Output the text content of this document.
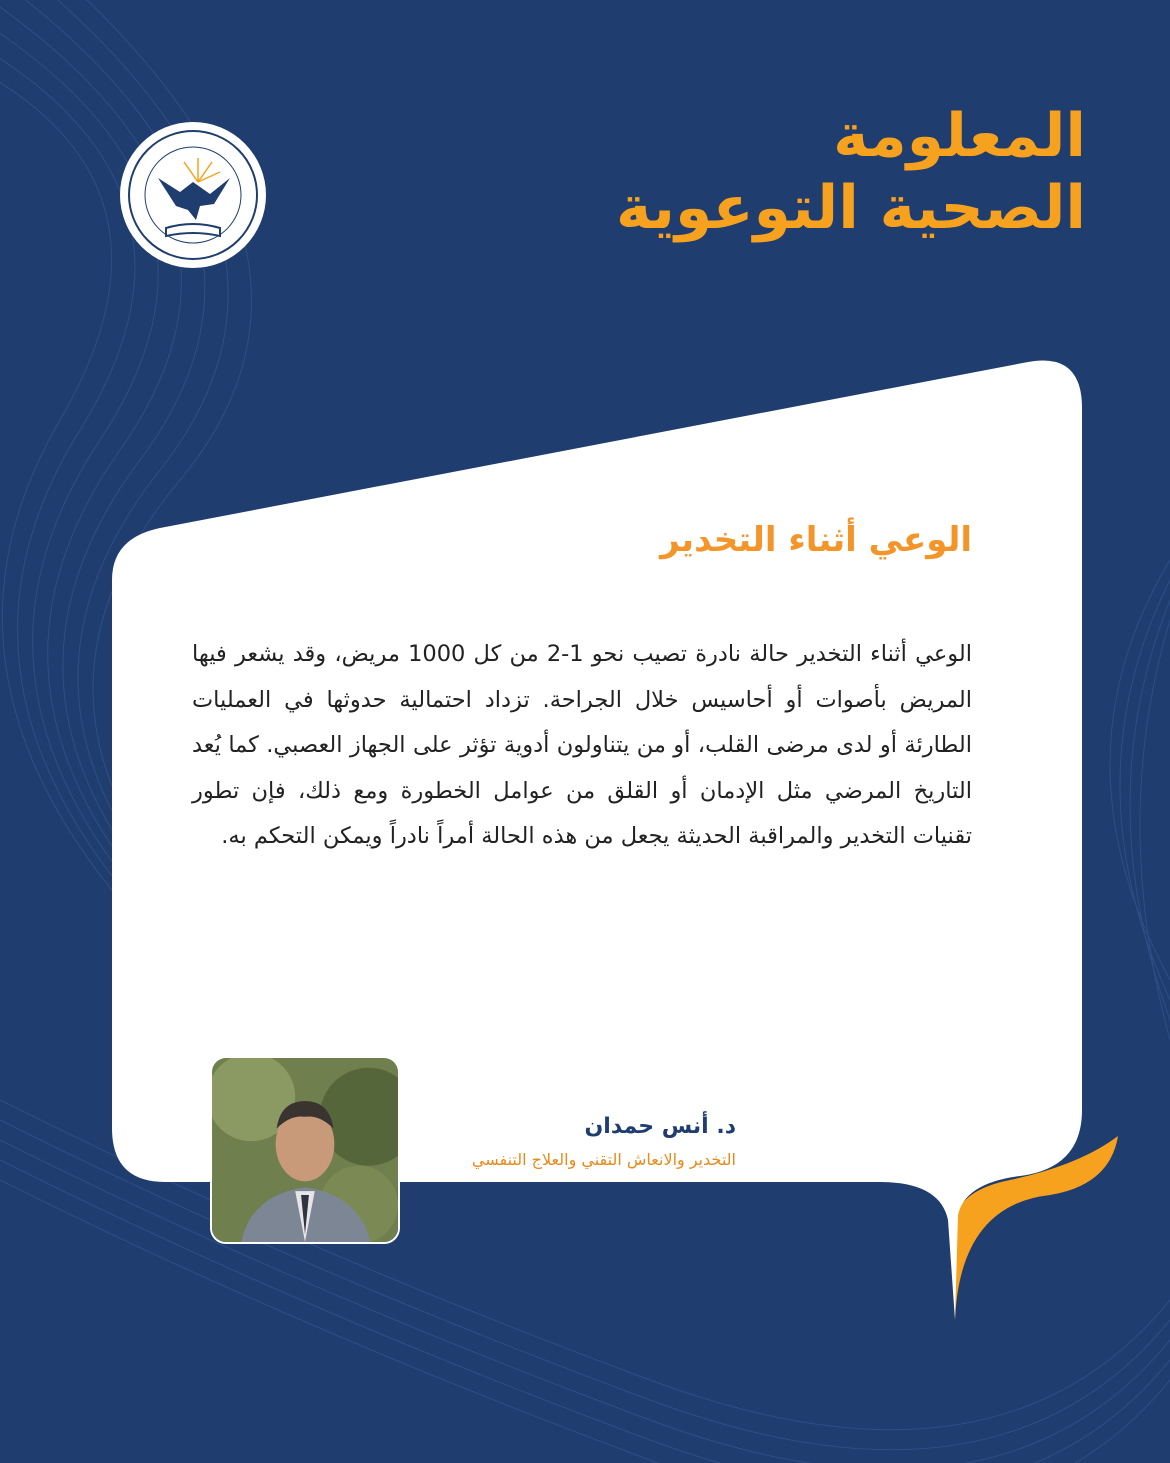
المعلومة
الصحية التوعوية
الوعي أثناء التخدير
الوعي أثناء التخدير حالة نادرة تصيب نحو 1-2 من كل 1000 مريض، وقد يشعر فيها المريض بأصوات أو أحاسيس خلال الجراحة. تزداد احتمالية حدوثها في العمليات الطارئة أو لدى مرضى القلب، أو من يتناولون أدوية تؤثر على الجهاز العصبي. كما يُعد التاريخ المرضي مثل الإدمان أو القلق من عوامل الخطورة ومع ذلك، فإن تطور تقنيات التخدير والمراقبة الحديثة يجعل من هذه الحالة أمراً نادراً ويمكن التحكم به.
د. أنس حمدان
التخدير والانعاش التقني والعلاج التنفسي
